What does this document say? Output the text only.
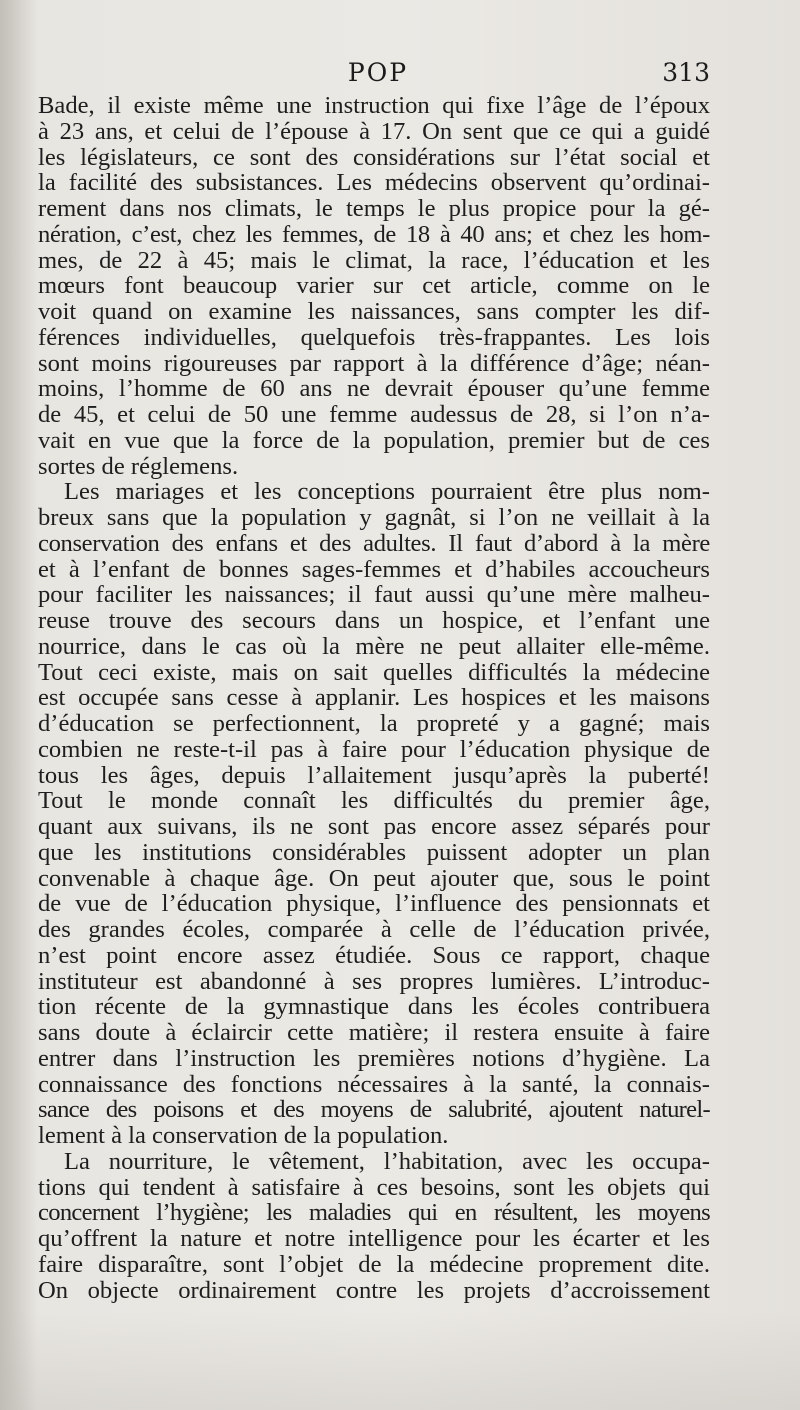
POP	313
Bade, il existe même une instruction qui fixe l’âge de l’époux
à 23 ans, et celui de l’épouse à 17. On sent que ce qui a guidé
les législateurs, ce sont des considérations sur l’état social et
la facilité des subsistances. Les médecins observent qu’ordinai-
rement dans nos climats, le temps le plus propice pour la gé-
nération, c’est, chez les femmes, de 18 à 40 ans; et chez les hom-
mes, de 22 à 45; mais le climat, la race, l’éducation et les
mœurs font beaucoup varier sur cet article, comme on le
voit quand on examine les naissances, sans compter les dif-
férences individuelles, quelquefois très-frappantes. Les lois
sont moins rigoureuses par rapport à la différence d’âge; néan-
moins, l’homme de 60 ans ne devrait épouser qu’une femme
de 45, et celui de 50 une femme audessus de 28, si l’on n’a-
vait en vue que la force de la population, premier but de ces
sortes de réglemens.
Les mariages et les conceptions pourraient être plus nom-
breux sans que la population y gagnât, si l’on ne veillait à la
conservation des enfans et des adultes. Il faut d’abord à la mère
et à l’enfant de bonnes sages-femmes et d’habiles accoucheurs
pour faciliter les naissances; il faut aussi qu’une mère malheu-
reuse trouve des secours dans un hospice, et l’enfant une
nourrice, dans le cas où la mère ne peut allaiter elle-même.
Tout ceci existe, mais on sait quelles difficultés la médecine
est occupée sans cesse à applanir. Les hospices et les maisons
d’éducation se perfectionnent, la propreté y a gagné; mais
combien ne reste-t-il pas à faire pour l’éducation physique de
tous les âges, depuis l’allaitement jusqu’après la puberté!
Tout le monde connaît les difficultés du premier âge,
quant aux suivans, ils ne sont pas encore assez séparés pour
que les institutions considérables puissent adopter un plan
convenable à chaque âge. On peut ajouter que, sous le point
de vue de l’éducation physique, l’influence des pensionnats et
des grandes écoles, comparée à celle de l’éducation privée,
n’est point encore assez étudiée. Sous ce rapport, chaque
instituteur est abandonné à ses propres lumières. L’introduc-
tion récente de la gymnastique dans les écoles contribuera
sans doute à éclaircir cette matière; il restera ensuite à faire
entrer dans l’instruction les premières notions d’hygiène. La
connaissance des fonctions nécessaires à la santé, la connais-
sance des poisons et des moyens de salubrité, ajoutent naturel-
lement à la conservation de la population.
La nourriture, le vêtement, l’habitation, avec les occupa-
tions qui tendent à satisfaire à ces besoins, sont les objets qui
concernent l’hygiène; les maladies qui en résultent, les moyens
qu’offrent la nature et notre intelligence pour les écarter et les
faire disparaître, sont l’objet de la médecine proprement dite.
On objecte ordinairement contre les projets d’accroissement
